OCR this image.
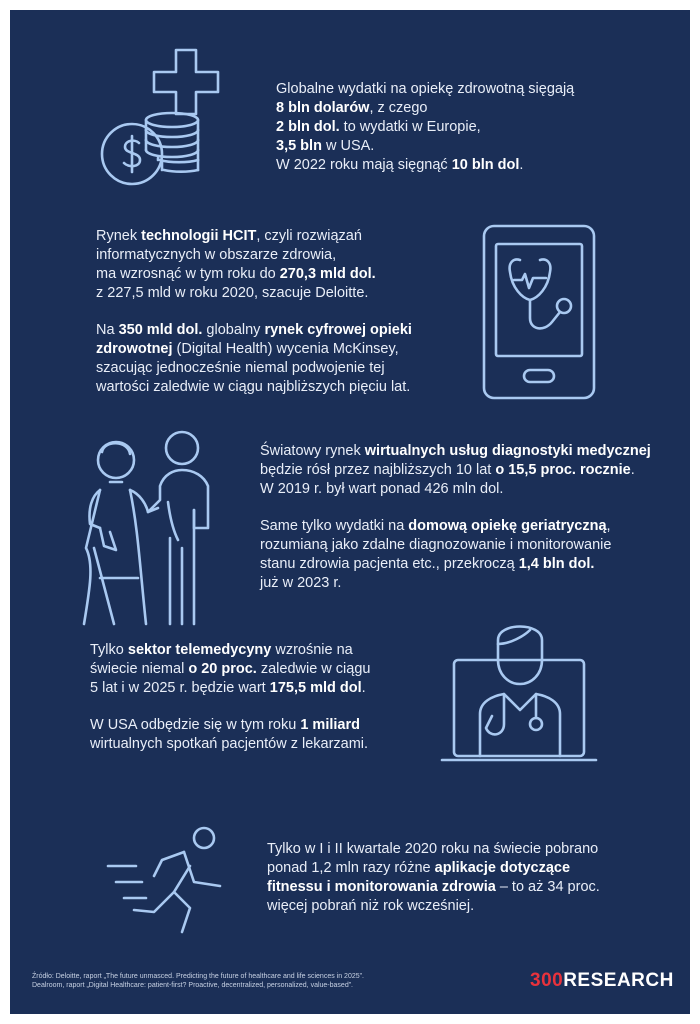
Globalne wydatki na opiekę zdrowotną sięgają
8 bln dolarów, z czego
2 bln dol. to wydatki w Europie,
3,5 bln w USA.
W 2022 roku mają sięgnąć 10 bln dol.

Rynek technologii HCIT, czyli rozwiązań
informatycznych w obszarze zdrowia,
ma wzrosnąć w tym roku do 270,3 mld dol.
z 227,5 mld w roku 2020, szacuje Deloitte.

Na 350 mld dol. globalny rynek cyfrowej opieki
zdrowotnej (Digital Health) wycenia McKinsey,
szacując jednocześnie niemal podwojenie tej
wartości zaledwie w ciągu najbliższych pięciu lat.

Światowy rynek wirtualnych usług diagnostyki medycznej
będzie rósł przez najbliższych 10 lat o 15,5 proc. rocznie.
W 2019 r. był wart ponad 426 mln dol.

Same tylko wydatki na domową opiekę geriatryczną,
rozumianą jako zdalne diagnozowanie i monitorowanie
stanu zdrowia pacjenta etc., przekroczą 1,4 bln dol.
już w 2023 r.

Tylko sektor telemedycyny wzrośnie na
świecie niemal o 20 proc. zaledwie w ciągu
5 lat i w 2025 r. będzie wart 175,5 mld dol.

W USA odbędzie się w tym roku 1 miliard
wirtualnych spotkań pacjentów z lekarzami.

Tylko w I i II kwartale 2020 roku na świecie pobrano
ponad 1,2 mln razy różne aplikacje dotyczące
fitnessu i monitorowania zdrowia – to aż 34 proc.
więcej pobrań niż rok wcześniej.

Źródło: Deloitte, raport „The future unmasced. Predicting the future of healthcare and life sciences in 2025”.
Dealroom, raport „Digital Healthcare: patient-first? Proactive, decentralized, personalized, value-based”.	300RESEARCH
